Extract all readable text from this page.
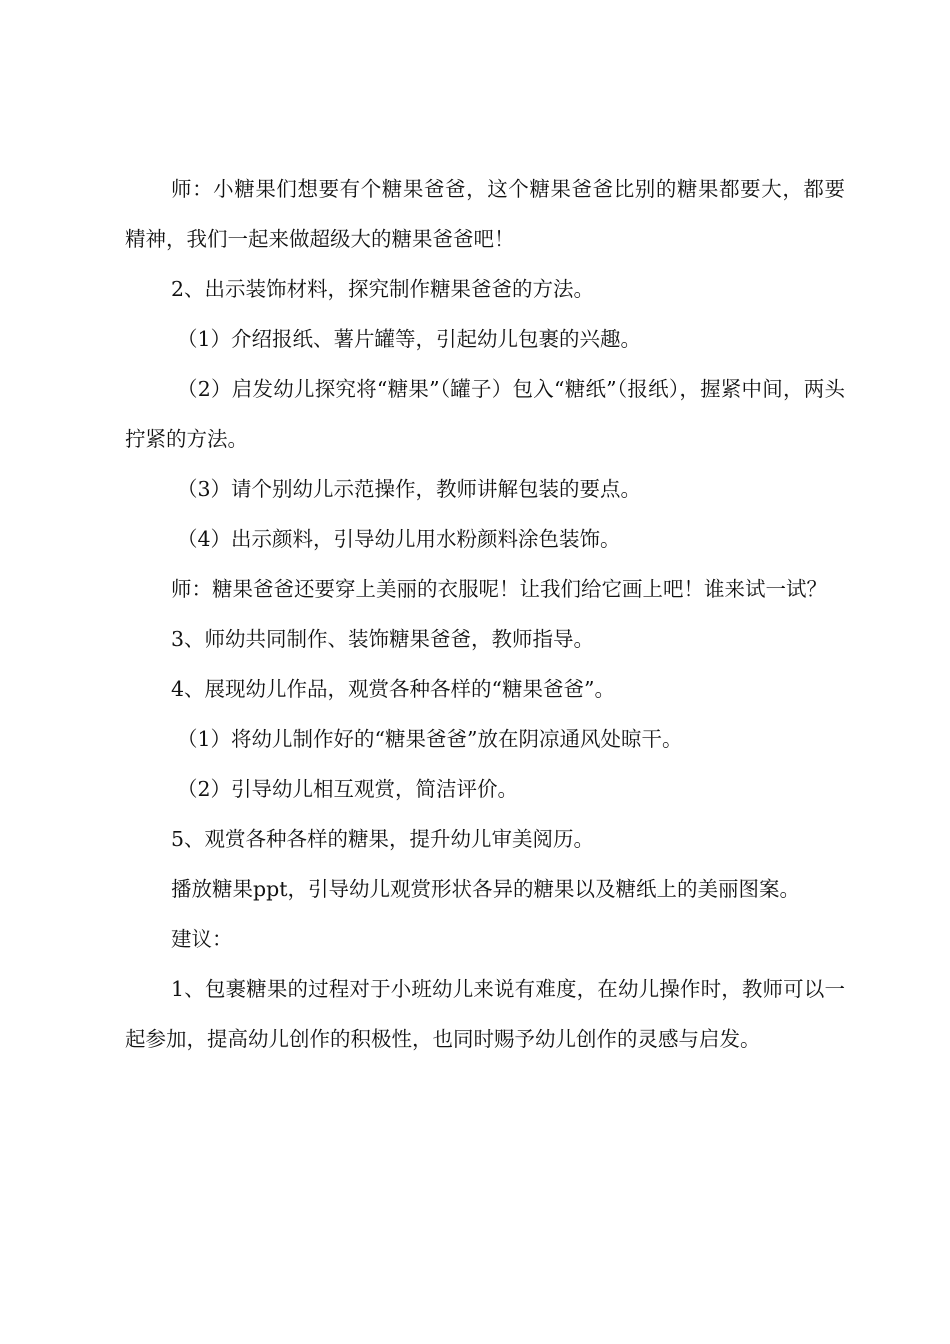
师：小糖果们想要有个糖果爸爸，这个糖果爸爸比别的糖果都要大，都要精神，我们一起来做超级大的糖果爸爸吧！

2、出示装饰材料，探究制作糖果爸爸的方法。

（1）介绍报纸、薯片罐等，引起幼儿包裹的兴趣。

（2）启发幼儿探究将“糖果”（罐子）包入“糖纸”（报纸），握紧中间，两头拧紧的方法。

（3）请个别幼儿示范操作，教师讲解包装的要点。

（4）出示颜料，引导幼儿用水粉颜料涂色装饰。

师：糖果爸爸还要穿上美丽的衣服呢！让我们给它画上吧！谁来试一试？

3、师幼共同制作、装饰糖果爸爸，教师指导。

4、展现幼儿作品，观赏各种各样的“糖果爸爸”。

（1）将幼儿制作好的“糖果爸爸”放在阴凉通风处晾干。

（2）引导幼儿相互观赏，简洁评价。

5、观赏各种各样的糖果，提升幼儿审美阅历。

播放糖果ppt，引导幼儿观赏形状各异的糖果以及糖纸上的美丽图案。

建议：

1、包裹糖果的过程对于小班幼儿来说有难度，在幼儿操作时，教师可以一起参加，提高幼儿创作的积极性，也同时赐予幼儿创作的灵感与启发。
